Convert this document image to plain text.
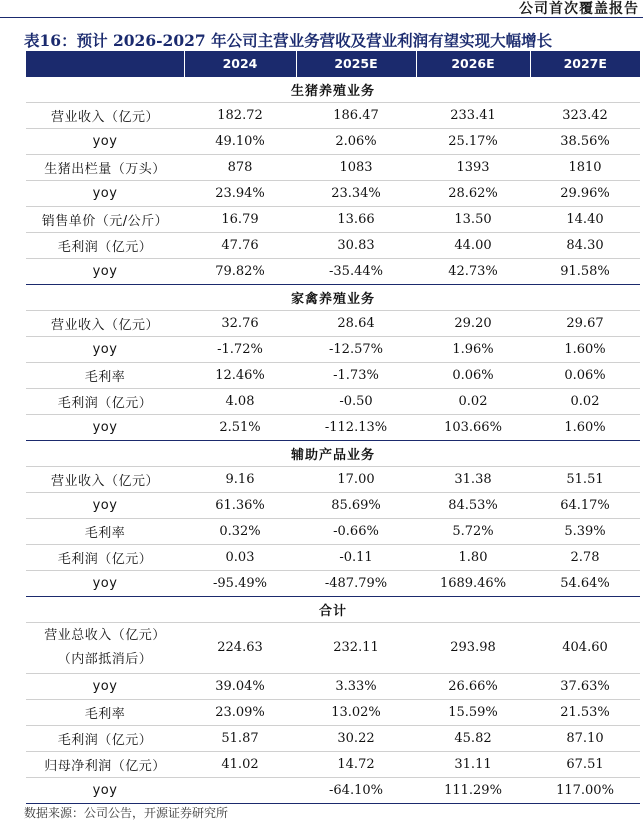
公司首次覆盖报告
表16：预计 2026-2027 年公司主营业务营收及营业利润有望实现大幅增长
	2024	2025E	2026E	2027E
生猪养殖业务				
营业收入（亿元）	182.72	186.47	233.41	323.42
yoy	49.10%	2.06%	25.17%	38.56%
生猪出栏量（万头）	878	1083	1393	1810
yoy	23.94%	23.34%	28.62%	29.96%
销售单价（元/公斤）	16.79	13.66	13.50	14.40
毛利润（亿元）	47.76	30.83	44.00	84.30
yoy	79.82%	-35.44%	42.73%	91.58%
家禽养殖业务				
营业收入（亿元）	32.76	28.64	29.20	29.67
yoy	-1.72%	-12.57%	1.96%	1.60%
毛利率	12.46%	-1.73%	0.06%	0.06%
毛利润（亿元）	4.08	-0.50	0.02	0.02
yoy	2.51%	-112.13%	103.66%	1.60%
辅助产品业务				
营业收入（亿元）	9.16	17.00	31.38	51.51
yoy	61.36%	85.69%	84.53%	64.17%
毛利率	0.32%	-0.66%	5.72%	5.39%
毛利润（亿元）	0.03	-0.11	1.80	2.78
yoy	-95.49%	-487.79%	1689.46%	54.64%
合计				

营业总收入（亿元）
（内部抵消后）	224.63	232.11	293.98	404.60
yoy	39.04%	3.33%	26.66%	37.63%
毛利率	23.09%	13.02%	15.59%	21.53%
毛利润（亿元）	51.87	30.22	45.82	87.10
归母净利润（亿元）	41.02	14.72	31.11	67.51
yoy		-64.10%	111.29%	117.00%
数据来源：公司公告，开源证券研究所
